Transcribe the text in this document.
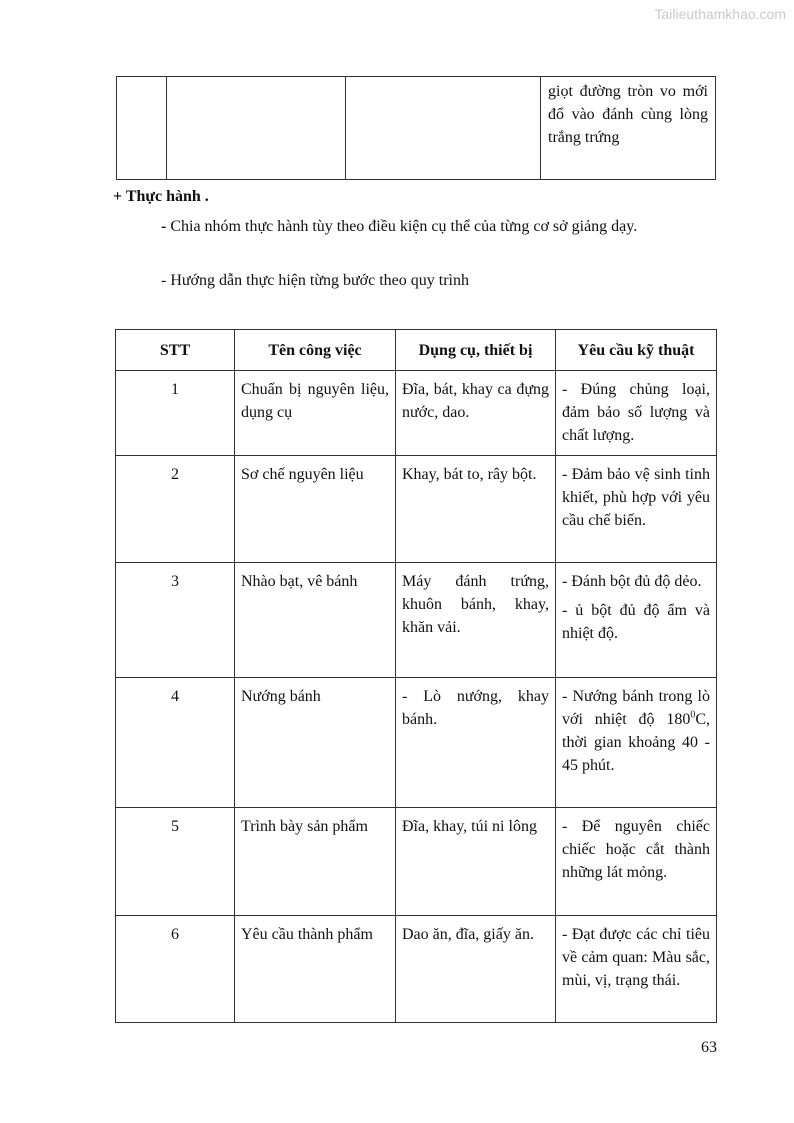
Tailieuthamkhao.com
			giọt đường tròn vo mới đổ vào đánh cùng lòng trắng trứng
+ Thực hành .
- Chia nhóm thực hành tùy theo điều kiện cụ thể của từng cơ sở giảng dạy.
- Hướng dẫn thực hiện từng bước theo quy trình
STT	Tên công việc	Dụng cụ, thiết bị	Yêu cầu kỹ thuật
1	Chuẩn bị nguyên liệu, dụng cụ	Đĩa, bát, khay ca đựng nước, dao.	- Đúng chủng loại, đảm bảo số lượng và chất lượng.
2	Sơ chế nguyên liệu	Khay, bát to, rây bột.	- Đảm bảo vệ sinh tinh khiết, phù hợp với yêu cầu chế biến.
3	Nhào bạt, vê bánh	Máy đánh trứng, khuôn bánh, khay, khăn vải.	- Đánh bột đủ độ dẻo.

- ủ bột đủ độ ẩm và nhiệt độ.

4	Nướng bánh	- Lò nướng, khay bánh.	- Nướng bánh trong lò với nhiệt độ $180^0C$, thời gian khoảng 40 - 45 phút.
5	Trình bày sản phẩm	Đĩa, khay, túi ni lông	- Để nguyên chiếc chiếc hoặc cắt thành những lát mỏng.
6	Yêu cầu thành phẩm	Dao ăn, đĩa, giấy ăn.	- Đạt được các chỉ tiêu về cảm quan: Màu sắc, mùi, vị, trạng thái.
63
